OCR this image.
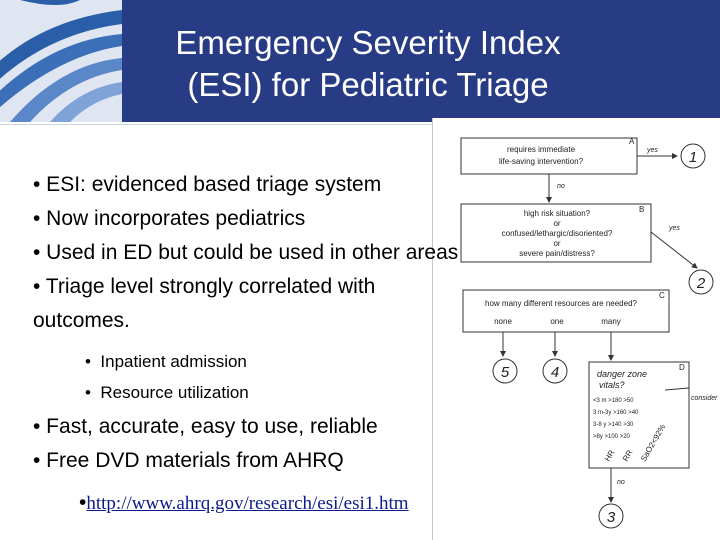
Emergency Severity Index
(ESI) for Pediatric Triage
requires immediate
life-saving intervention?
A
yes 1
no
high risk situation?
or
confused/lethargic/disoriented?
or
severe pain/distress?
B
yes
2
how many different resources are needed?
C
none	one	many
5	4	danger zone
vitals?
D
<3 m >180 >50
3 m-3y >160 >40
3-8 y >140 >30
>8y >100 >20
HR RR SaO2<92%
consider
no
3
• ESI: evidenced based triage system
• Now incorporates pediatrics
• Used in ED but could be used in other areas
• Triage level strongly correlated with
outcomes.
•  Inpatient admission
•  Resource utilization
• Fast, accurate, easy to use, reliable
• Free DVD materials from AHRQ
•http://www.ahrq.gov/research/esi/esi1.htm
